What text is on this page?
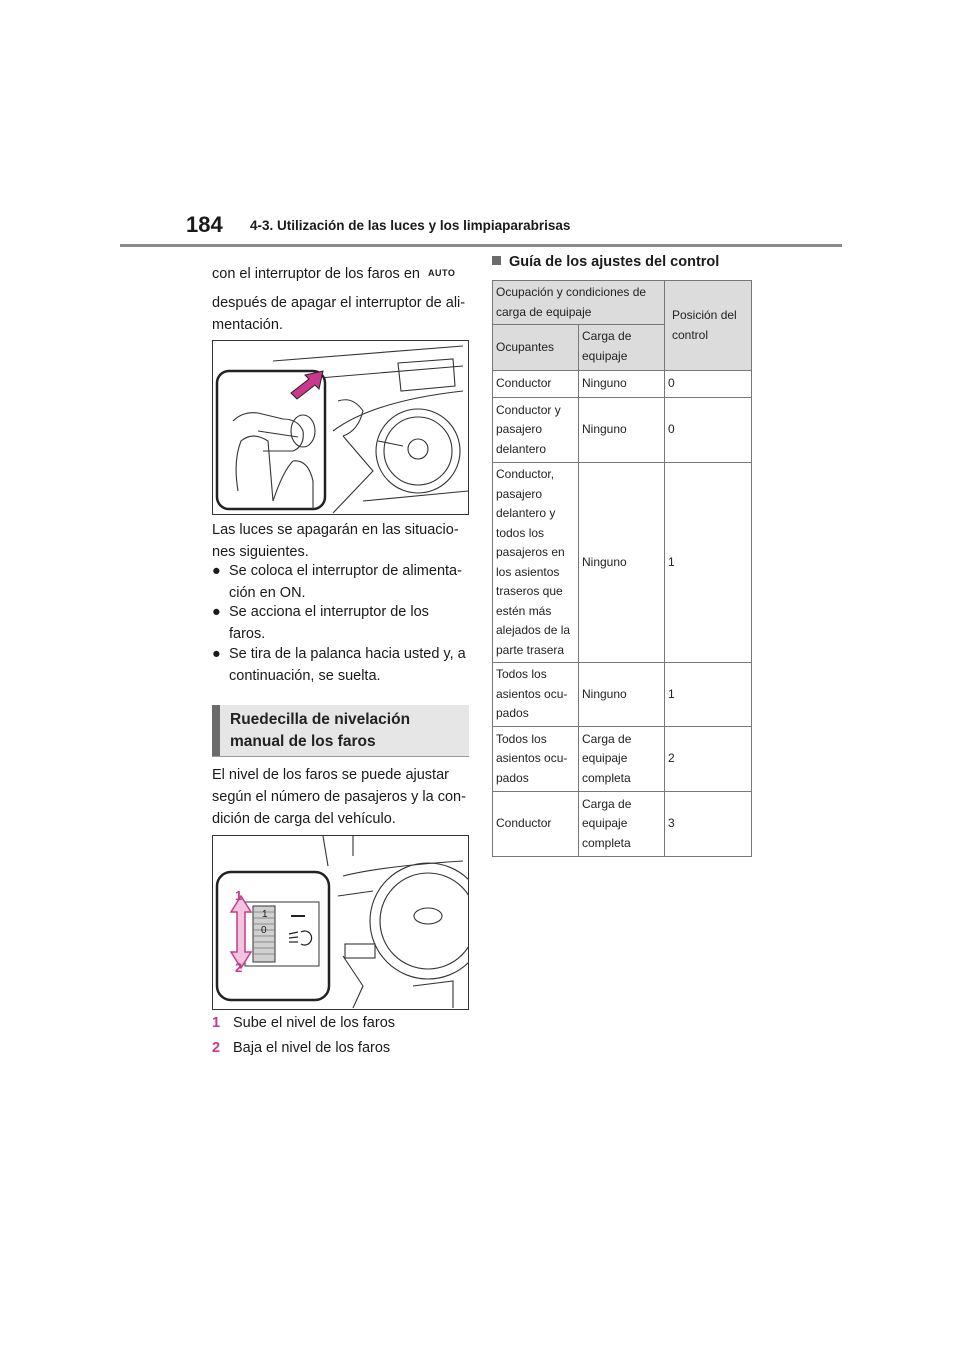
184 4-3. Utilización de las luces y los limpiaparabrisas
con el interruptor de los faros en AUTO
después de apagar el interruptor de ali-
mentación.
Las luces se apagarán en las situacio-
nes siguientes.
● Se coloca el interruptor de alimenta-
ción en ON.
● Se acciona el interruptor de los
faros.
● Se tira de la palanca hacia usted y, a
continuación, se suelta.
Ruedecilla de nivelación
manual de los faros
El nivel de los faros se puede ajustar
según el número de pasajeros y la con-
dición de carga del vehículo.
1
2
1
0
1 Sube el nivel de los faros
2 Baja el nivel de los faros
Guía de los ajustes del control
Ocupación y condiciones de carga de equipaje		Posición del control
Ocupantes	Carga de equipaje	
Conductor	Ninguno	0
Conductor y pasajero delantero	Ninguno	0
Conductor, pasajero delantero y todos los pasajeros en los asientos traseros que estén más alejados de la parte trasera	Ninguno	1
Todos los asientos ocu-pados	Ninguno	1
Todos los asientos ocu-pados	Carga de equipaje completa	2
Conductor	Carga de equipaje completa	3
